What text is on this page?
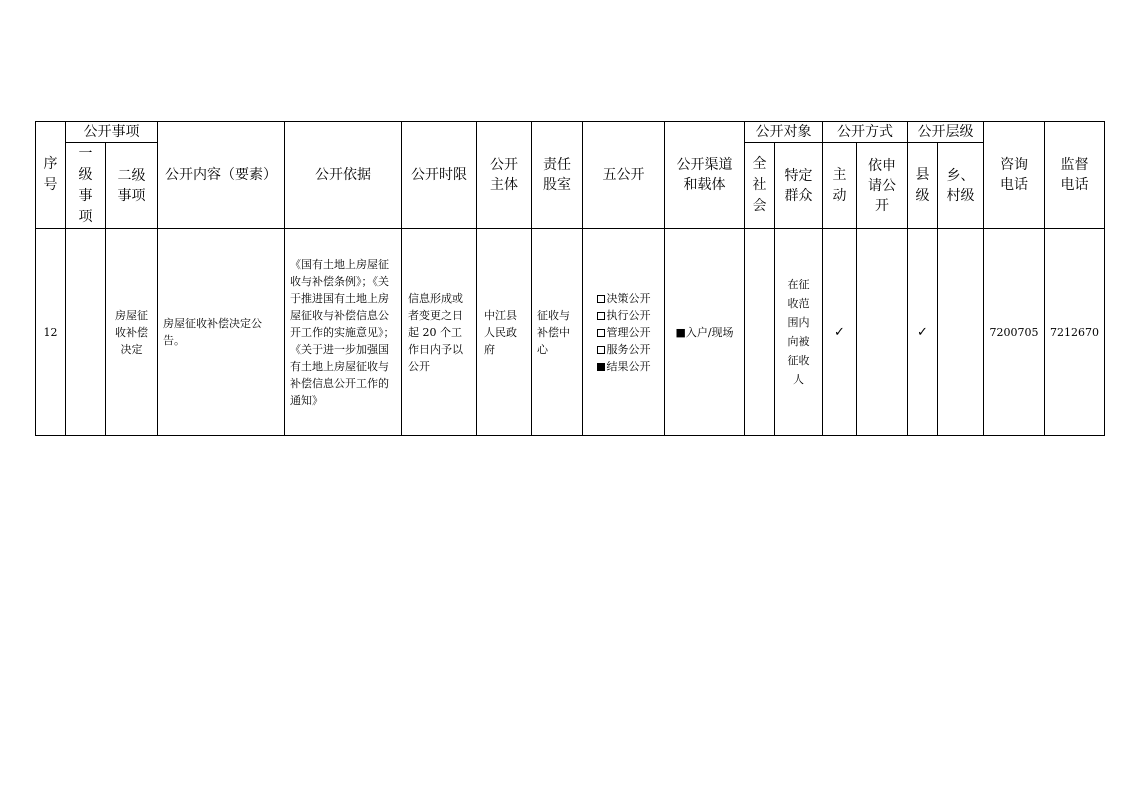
序号	公开事项		公开内容（要素）	公开依据	公开时限	公开主体	责任股室	五公开	公开渠道和载体	公开对象		公开方式		公开层级		咨询电话	监督电话
	一级事项	二级事项								全社会	特定群众	主动	依申请公开	县级	乡、村级		
12		房屋征收补偿决定	房屋征收补偿决定公告。	《国有土地上房屋征收与补偿条例》；《关于推进国有土地上房屋征收与补偿信息公开工作的实施意见》；《关于进一步加强国有土地上房屋征收与补偿信息公开工作的通知》	信息形成或者变更之日起 20 个工作日内予以公开	中江县人民政府	征收与补偿中心	决策公开
执行公开
管理公开
服务公开
结果公开	■入户/现场		在征收范围内向被征收人	✓		✓		7200705	7212670
